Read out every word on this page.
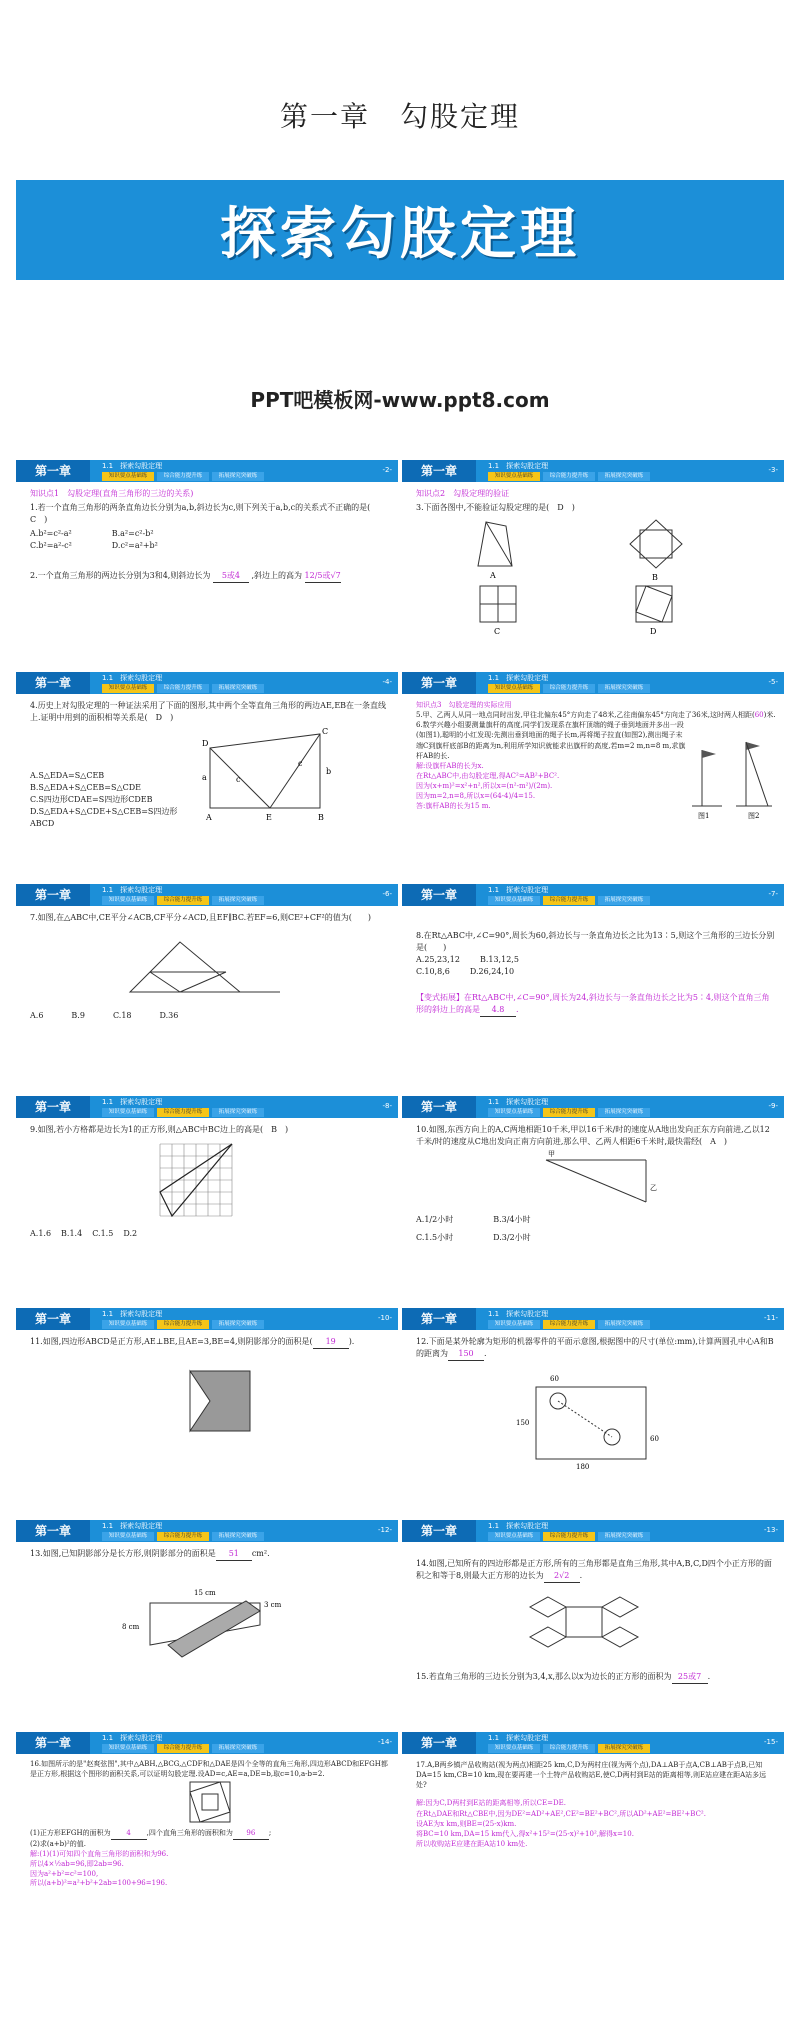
第一章　勾股定理
探索勾股定理
PPT吧模板网-www.ppt8.com
第一章	1.1　探索勾股定理
知识要点基础练	综合能力提升练	拓展探究突破练
-2-
知识点1　勾股定理(直角三角形的三边的关系)
1.若一个直角三角形的两条直角边长分别为a,b,斜边长为c,则下列关于a,b,c的关系式不正确的是(　C　)
A.b²=c²-a²	B.a²=c²-b²
C.b²=a²-c²	D.c²=a²+b²
2.一个直角三角形的两边长分别为3和4,则斜边长为 5或4 ,斜边上的高为 12/5或√7
第一章	1.1　探索勾股定理
知识要点基础练	综合能力提升练	拓展探究突破练
-3-
知识点2　勾股定理的验证
3.下面各图中,不能验证勾股定理的是(　D　)
A	B
C	D
第一章	1.1　探索勾股定理
知识要点基础练	综合能力提升练	拓展探究突破练
-4-
4.历史上对勾股定理的一种证法采用了下面的图形,其中两个全等直角三角形的两边AE,EB在一条直线上.证明中用到的面积相等关系是(　D　)
A.S△EDA=S△CEB
B.S△EDA+S△CEB=S△CDE
C.S四边形CDAE=S四边形CDEB
D.S△EDA+S△CDE+S△CEB=S四边形ABCD
D
C
A	B
E
a
b
c
c
第一章	1.1　探索勾股定理
知识要点基础练	综合能力提升练	拓展探究突破练
-5-
知识点3　勾股定理的实际应用
5.甲、乙两人从同一地点同时出发,甲往北偏东45°方向走了48米,乙往南偏东45°方向走了36米,这时两人相距(60)米.
6.数学兴趣小组要测量旗杆的高度,同学们发现系在旗杆顶端的绳子垂到地面并多出一段(如图1),聪明的小红发现:先测出垂到地面的绳子长m,再将绳子拉直(如图2),测出绳子末端C到旗杆底部B的距离为n,利用所学知识就能求出旗杆的高度,若m=2 m,n=8 m,求旗杆AB的长.
解:设旗杆AB的长为x.
在Rt△ABC中,由勾股定理,得AC²=AB²+BC².
因为(x+m)²=x²+n²,所以x=(n²-m²)/(2m).
因为m=2,n=8,所以x=(64-4)/4=15.
答:旗杆AB的长为15 m.
图1	图2
第一章	1.1　探索勾股定理
知识要点基础练	综合能力提升练	拓展探究突破练
-6-
7.如图,在△ABC中,CE平分∠ACB,CF平分∠ACD,且EF∥BC.若EF=6,则CE²+CF²的值为(　　)
A.6	B.9	C.18	D.36
第一章	1.1　探索勾股定理
知识要点基础练	综合能力提升练	拓展探究突破练
-7-
8.在Rt△ABC中,∠C=90°,周长为60,斜边长与一条直角边长之比为13∶5,则这个三角形的三边长分别是(　　)
A.25,23,12	B.13,12,5
C.10,8,6	D.26,24,10
【变式拓展】在Rt△ABC中,∠C=90°,周长为24,斜边长与一条直角边长之比为5∶4,则这个直角三角形的斜边上的高是 4.8 .
第一章	1.1　探索勾股定理
知识要点基础练	综合能力提升练	拓展探究突破练
-8-
9.如图,若小方格都是边长为1的正方形,则△ABC中BC边上的高是(　B　)
A.1.6 B.1.4 C.1.5 D.2
第一章	1.1　探索勾股定理
知识要点基础练	综合能力提升练	拓展探究突破练
-9-
10.如图,东西方向上的A,C两地相距10千米,甲以16千米/时的速度从A地出发向正东方向前进,乙以12千米/时的速度从C地出发向正南方向前进,那么甲、乙两人相距6千米时,最快需经(　A　)
甲
乙
A.1/2小时	B.3/4小时
C.1.5小时	D.3/2小时
第一章	1.1　探索勾股定理
知识要点基础练	综合能力提升练	拓展探究突破练
-10-
11.如图,四边形ABCD是正方形,AE⊥BE,且AE=3,BE=4,则阴影部分的面积是( 19 ).
第一章	1.1　探索勾股定理
知识要点基础练	综合能力提升练	拓展探究突破练
-11-
12.下面是某外轮廓为矩形的机器零件的平面示意图,根据图中的尺寸(单位:mm),计算两圆孔中心A和B的距离为 150 .
60
150
180
60
第一章	1.1　探索勾股定理
知识要点基础练	综合能力提升练	拓展探究突破练
-12-
13.如图,已知阴影部分是长方形,则阴影部分的面积是 51 cm².
15 cm
8 cm
3 cm
第一章	1.1　探索勾股定理
知识要点基础练	综合能力提升练	拓展探究突破练
-13-
14.如图,已知所有的四边形都是正方形,所有的三角形都是直角三角形,其中A,B,C,D四个小正方形的面积之和等于8,则最大正方形的边长为 2√2 .
15.若直角三角形的三边长分别为3,4,x,那么以x为边长的正方形的面积为 25或7 .
第一章	1.1　探索勾股定理
知识要点基础练	综合能力提升练	拓展探究突破练
-14-
16.如图所示的是"赵爽弦图",其中△ABH,△BCG,△CDF和△DAE是四个全等的直角三角形,四边形ABCD和EFGH都是正方形,根据这个图形的面积关系,可以证明勾股定理.设AD=c,AE=a,DE=b,取c=10,a-b=2.
(1)正方形EFGH的面积为 4 ,四个直角三角形的面积和为 96 ;
(2)求(a+b)²的值.
解:(1)(1)可知四个直角三角形的面积和为96.
所以4×½ab=96,即2ab=96.
因为a²+b²=c²=100,
所以(a+b)²=a²+b²+2ab=100+96=196.
第一章	1.1　探索勾股定理
知识要点基础练	综合能力提升练	拓展探究突破练
-15-
17.A,B两乡镇产品收购站(视为两点)相距25 km,C,D为两村庄(视为两个点),DA⊥AB于点A,CB⊥AB于点B,已知DA=15 km,CB=10 km,现在要再建一个土特产品收购站E,使C,D两村到E站的距离相等,则E站应建在距A站多远处?
解:因为C,D两村到E站的距离相等,所以CE=DE.
在Rt△DAE和Rt△CBE中,因为DE²=AD²+AE²,CE²=BE²+BC²,所以AD²+AE²=BE²+BC².
设AE为x km,则BE=(25-x)km.
将BC=10 km,DA=15 km代入,得x²+15²=(25-x)²+10²,解得x=10.
所以收购站E应建在距A站10 km处.
